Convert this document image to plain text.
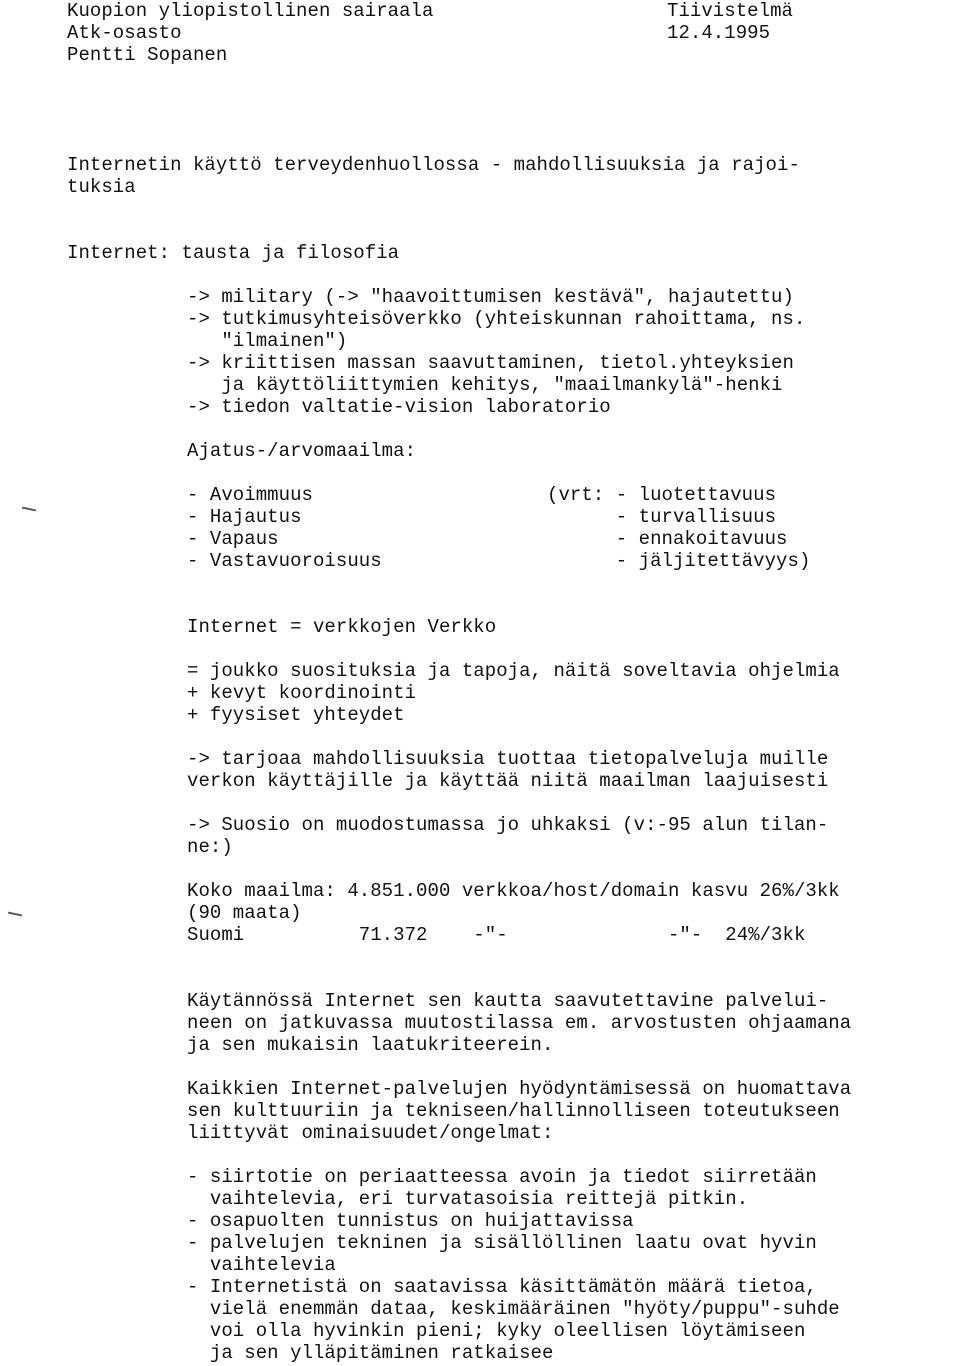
Kuopion yliopistollinen sairaala
Atk-osasto
Pentti Sopanen
Tiivistelmä
12.4.1995
Internetin käyttö terveydenhuollossa - mahdollisuuksia ja rajoi-
tuksia
Internet: tausta ja filosofia
-> military (-> "haavoittumisen kestävä", hajautettu)
-> tutkimusyhteisöverkko (yhteiskunnan rahoittama, ns.
"ilmainen")
-> kriittisen massan saavuttaminen, tietol.yhteyksien
ja käyttöliittymien kehitys, "maailmankylä"-henki
-> tiedon valtatie-vision laboratorio
Ajatus-/arvomaailma:
- Avoimmuus
- Hajautus
- Vapaus
- Vastavuoroisuus
(vrt: - luotettavuus
- turvallisuus
- ennakoitavuus
- jäljitettävyys)
Internet = verkkojen Verkko
= joukko suosituksia ja tapoja, näitä soveltavia ohjelmia
+ kevyt koordinointi
+ fyysiset yhteydet
-> tarjoaa mahdollisuuksia tuottaa tietopalveluja muille
verkon käyttäjille ja käyttää niitä maailman laajuisesti
-> Suosio on muodostumassa jo uhkaksi (v:-95 alun tilan-
ne:)
Koko maailma: 4.851.000 verkkoa/host/domain kasvu 26%/3kk
(90 maata)
Suomi          71.372    -"-              -"-  24%/3kk
Käytännössä Internet sen kautta saavutettavine palvelui-
neen on jatkuvassa muutostilassa em. arvostusten ohjaamana
ja sen mukaisin laatukriteerein.
Kaikkien Internet-palvelujen hyödyntämisessä on huomattava
sen kulttuuriin ja tekniseen/hallinnolliseen toteutukseen
liittyvät ominaisuudet/ongelmat:
- siirtotie on periaatteessa avoin ja tiedot siirretään
vaihtelevia, eri turvatasoisia reittejä pitkin.
- osapuolten tunnistus on huijattavissa
- palvelujen tekninen ja sisällöllinen laatu ovat hyvin
vaihtelevia
- Internetistä on saatavissa käsittämätön määrä tietoa,
vielä enemmän dataa, keskimääräinen "hyöty/puppu"-suhde
voi olla hyvinkin pieni; kyky oleellisen löytämiseen
ja sen ylläpitäminen ratkaisee
